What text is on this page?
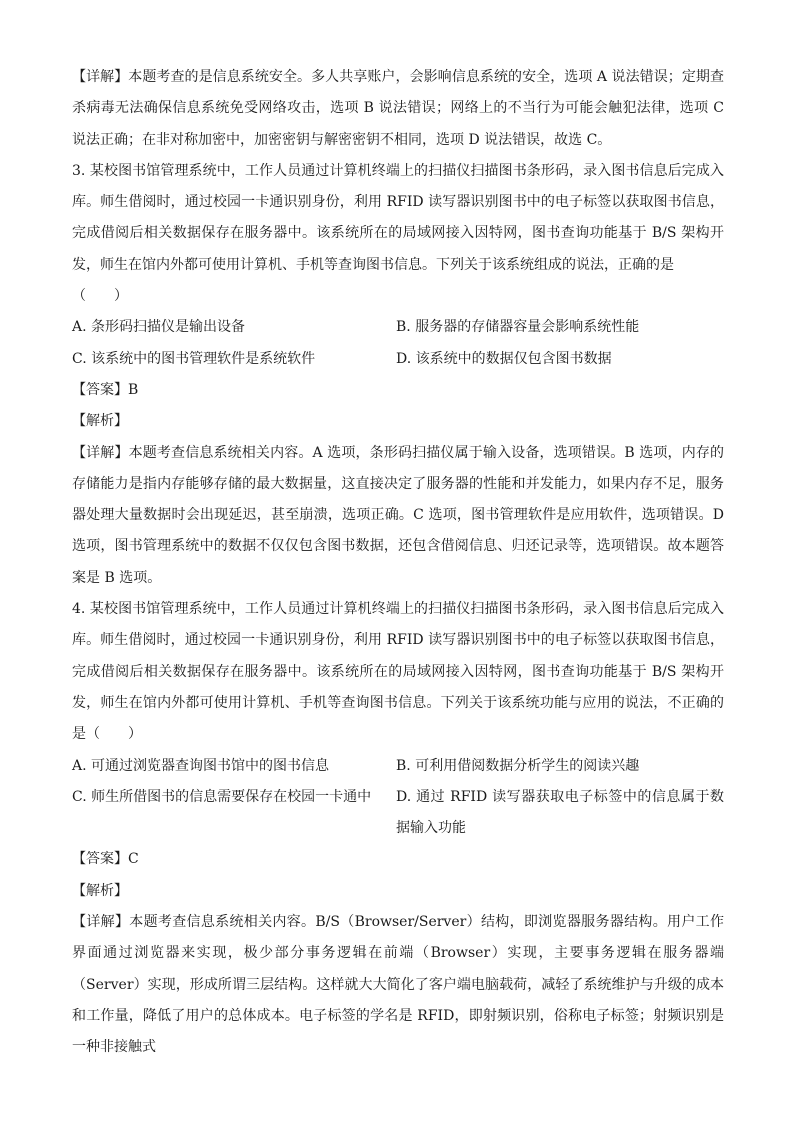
【详解】本题考查的是信息系统安全。多人共享账户，会影响信息系统的安全，选项 A 说法错误；定期查杀病毒无法确保信息系统免受网络攻击，选项 B 说法错误；网络上的不当行为可能会触犯法律，选项 C 说法正确；在非对称加密中，加密密钥与解密密钥不相同，选项 D 说法错误，故选 C。

3. 某校图书馆管理系统中，工作人员通过计算机终端上的扫描仪扫描图书条形码，录入图书信息后完成入库。师生借阅时，通过校园一卡通识别身份，利用 RFID 读写器识别图书中的电子标签以获取图书信息，完成借阅后相关数据保存在服务器中。该系统所在的局域网接入因特网，图书查询功能基于 B/S 架构开发，师生在馆内外都可使用计算机、手机等查询图书信息。下列关于该系统组成的说法，正确的是

（　　）

A. 条形码扫描仪是输出设备	B. 服务器的存储器容量会影响系统性能
C. 该系统中的图书管理软件是系统软件	D. 该系统中的数据仅包含图书数据

【答案】B

【解析】

【详解】本题考查信息系统相关内容。A 选项，条形码扫描仪属于输入设备，选项错误。B 选项，内存的存储能力是指内存能够存储的最大数据量，这直接决定了服务器的性能和并发能力，如果内存不足，服务器处理大量数据时会出现延迟，甚至崩溃，选项正确。C 选项，图书管理软件是应用软件，选项错误。D 选项，图书管理系统中的数据不仅仅包含图书数据，还包含借阅信息、归还记录等，选项错误。故本题答案是 B 选项。

4. 某校图书馆管理系统中，工作人员通过计算机终端上的扫描仪扫描图书条形码，录入图书信息后完成入库。师生借阅时，通过校园一卡通识别身份，利用 RFID 读写器识别图书中的电子标签以获取图书信息，完成借阅后相关数据保存在服务器中。该系统所在的局域网接入因特网，图书查询功能基于 B/S 架构开发，师生在馆内外都可使用计算机、手机等查询图书信息。下列关于该系统功能与应用的说法，不正确的是（　　）

A. 可通过浏览器查询图书馆中的图书信息	B. 可利用借阅数据分析学生的阅读兴趣
C. 师生所借图书的信息需要保存在校园一卡通中	D. 通过 RFID 读写器获取电子标签中的信息属于数据输入功能

【答案】C

【解析】

【详解】本题考查信息系统相关内容。B/S（Browser/Server）结构，即浏览器服务器结构。用户工作界面通过浏览器来实现，极少部分事务逻辑在前端（Browser）实现，主要事务逻辑在服务器端（Server）实现，形成所谓三层结构。这样就大大简化了客户端电脑载荷，减轻了系统维护与升级的成本和工作量，降低了用户的总体成本。电子标签的学名是 RFID，即射频识别，俗称电子标签；射频识别是一种非接触式
